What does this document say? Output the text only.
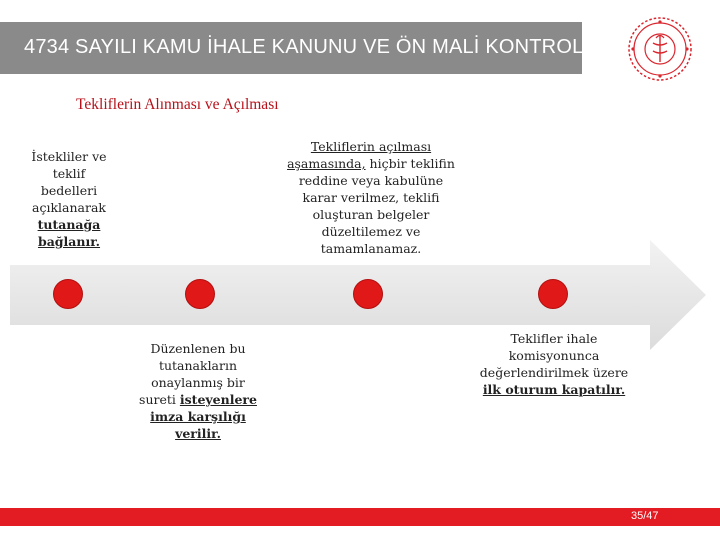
4734 SAYILI KAMU İHALE KANUNU VE ÖN MALİ KONTROL
Tekliflerin Alınması ve Açılması
İstekliler ve teklif bedelleri açıklanarak tutanağa bağlanır.
Düzenlenen bu tutanakların onaylanmış bir sureti isteyenlere imza karşılığı verilir.
Tekliflerin açılması aşamasında, hiçbir teklifin reddine veya kabulüne karar verilmez, teklifi oluşturan belgeler düzeltilemez ve tamamlanamaz.
Teklifler ihale komisyonunca değerlendirilmek üzere ilk oturum kapatılır.
35/47
